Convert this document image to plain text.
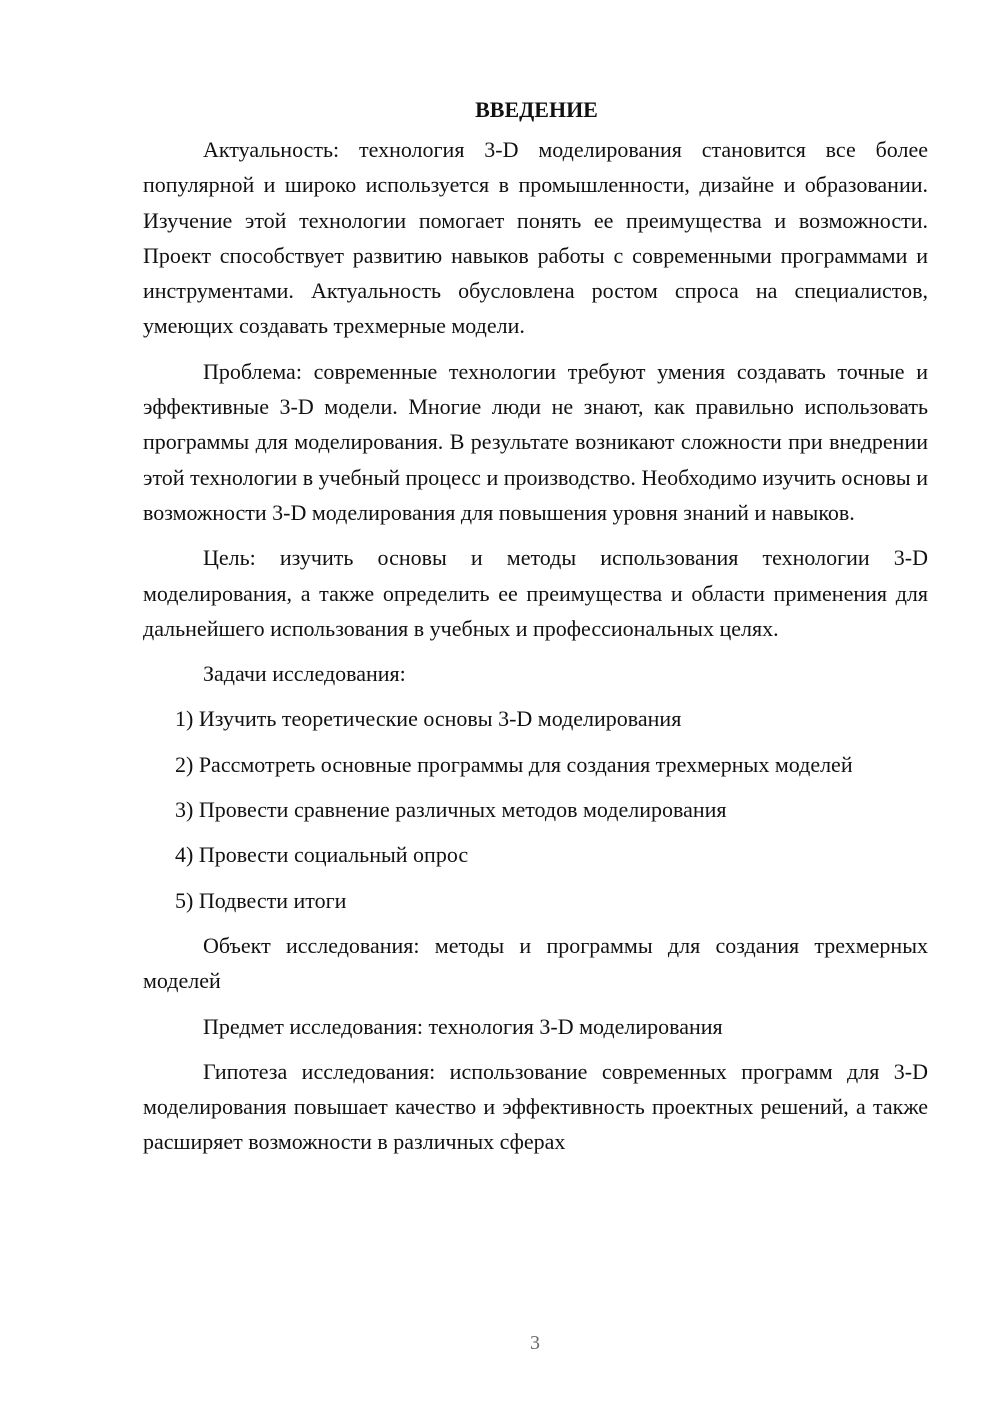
ВВЕДЕНИЕ

Актуальность: технология 3-D моделирования становится все более популярной и широко используется в промышленности, дизайне и образовании. Изучение этой технологии помогает понять ее преимущества и возможности. Проект способствует развитию навыков работы с современными программами и инструментами. Актуальность обусловлена ростом спроса на специалистов, умеющих создавать трехмерные модели.

Проблема: современные технологии требуют умения создавать точные и эффективные 3-D модели. Многие люди не знают, как правильно использовать программы для моделирования. В результате возникают сложности при внедрении этой технологии в учебный процесс и производство. Необходимо изучить основы и возможности 3-D моделирования для повышения уровня знаний и навыков.

Цель: изучить основы и методы использования технологии 3-D моделирования, а также определить ее преимущества и области применения для дальнейшего использования в учебных и профессиональных целях.

Задачи исследования:

1) Изучить теоретические основы 3-D моделирования

2) Рассмотреть основные программы для создания трехмерных моделей

3) Провести сравнение различных методов моделирования

4) Провести социальный опрос

5) Подвести итоги

Объект исследования: методы и программы для создания трехмерных моделей

Предмет исследования: технология 3-D моделирования

Гипотеза исследования: использование современных программ для 3-D моделирования повышает качество и эффективность проектных решений, а также расширяет возможности в различных сферах

3
